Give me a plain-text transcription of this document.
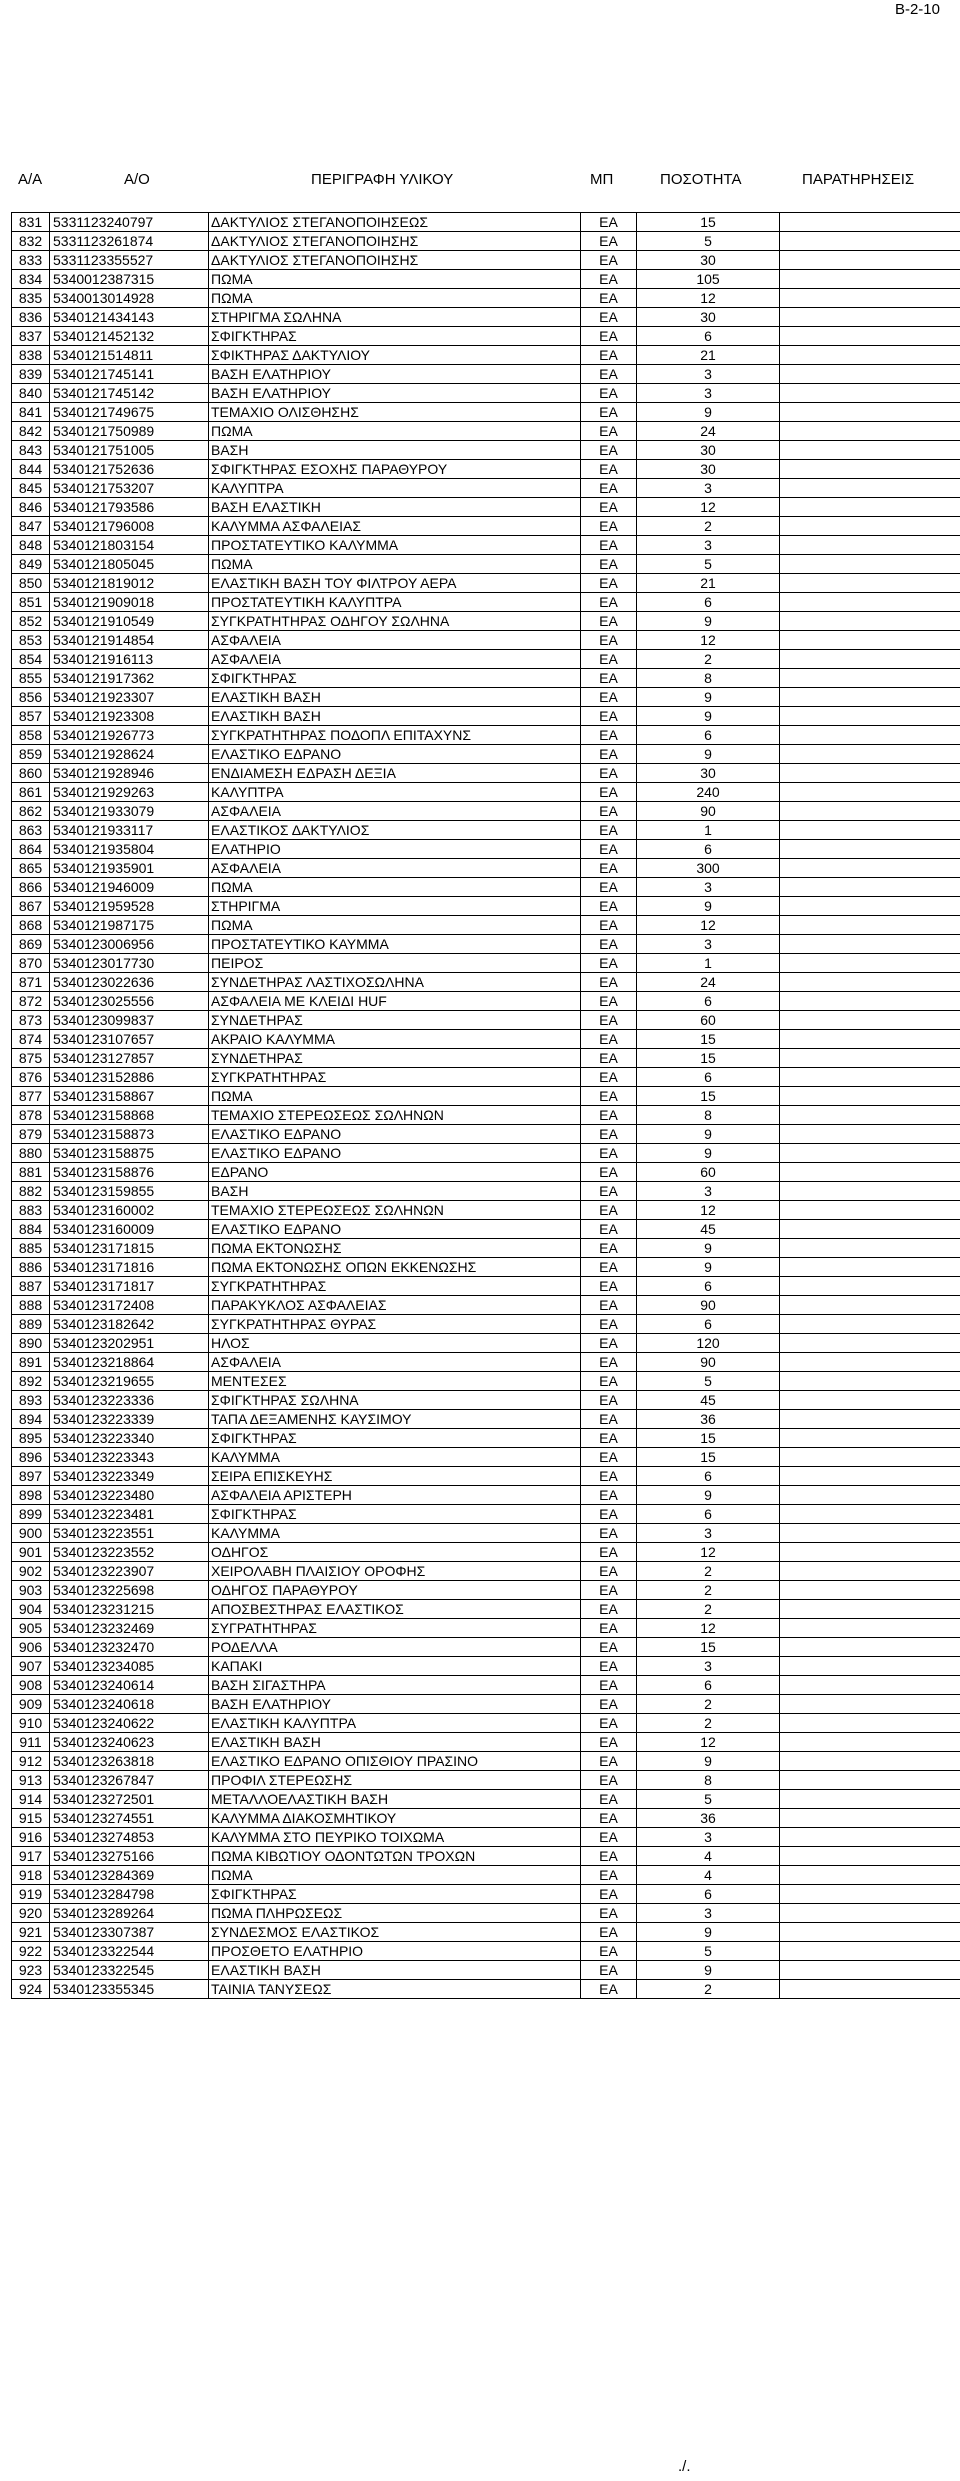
Β-2-10
Α/Α	Α/Ο	ΠΕΡΙΓΡΑΦΗ ΥΛΙΚΟΥ	ΜΠ	ΠΟΣΟΤΗΤΑ	ΠΑΡΑΤΗΡΗΣΕΙΣ
831	5331123240797	ΔΑΚΤΥΛΙΟΣ ΣΤΕΓΑΝΟΠΟΙΗΣΕΩΣ	ΕΑ	15	
832	5331123261874	ΔΑΚΤΥΛΙΟΣ ΣΤΕΓΑΝΟΠΟΙΗΣΗΣ	ΕΑ	5	
833	5331123355527	ΔΑΚΤΥΛΙΟΣ ΣΤΕΓΑΝΟΠΟΙΗΣΗΣ	ΕΑ	30	
834	5340012387315	ΠΩΜΑ	ΕΑ	105	
835	5340013014928	ΠΩΜΑ	ΕΑ	12	
836	5340121434143	ΣΤΗΡΙΓΜΑ ΣΩΛΗΝΑ	ΕΑ	30	
837	5340121452132	ΣΦΙΓΚΤΗΡΑΣ	ΕΑ	6	
838	5340121514811	ΣΦΙΚΤΗΡΑΣ ΔΑΚΤΥΛΙΟΥ	ΕΑ	21	
839	5340121745141	ΒΑΣΗ ΕΛΑΤΗΡΙΟΥ	ΕΑ	3	
840	5340121745142	ΒΑΣΗ ΕΛΑΤΗΡΙΟΥ	ΕΑ	3	
841	5340121749675	ΤΕΜΑΧΙΟ ΟΛΙΣΘΗΣΗΣ	ΕΑ	9	
842	5340121750989	ΠΩΜΑ	ΕΑ	24	
843	5340121751005	ΒΑΣΗ	ΕΑ	30	
844	5340121752636	ΣΦΙΓΚΤΗΡΑΣ ΕΣΟΧΗΣ ΠΑΡΑΘΥΡΟΥ	ΕΑ	30	
845	5340121753207	ΚΑΛΥΠΤΡΑ	ΕΑ	3	
846	5340121793586	ΒΑΣΗ ΕΛΑΣΤΙΚΗ	ΕΑ	12	
847	5340121796008	ΚΑΛΥΜΜΑ ΑΣΦΑΛΕΙΑΣ	ΕΑ	2	
848	5340121803154	ΠΡΟΣΤΑΤΕΥΤΙΚΟ ΚΑΛΥΜΜΑ	ΕΑ	3	
849	5340121805045	ΠΩΜΑ	ΕΑ	5	
850	5340121819012	ΕΛΑΣΤΙΚΗ ΒΑΣΗ ΤΟΥ ΦΙΛΤΡΟΥ ΑΕΡΑ	ΕΑ	21	
851	5340121909018	ΠΡΟΣΤΑΤΕΥΤΙΚΗ ΚΑΛΥΠΤΡΑ	ΕΑ	6	
852	5340121910549	ΣΥΓΚΡΑΤΗΤΗΡΑΣ ΟΔΗΓΟΥ ΣΩΛΗΝΑ	ΕΑ	9	
853	5340121914854	ΑΣΦΑΛΕΙΑ	ΕΑ	12	
854	5340121916113	ΑΣΦΑΛΕΙΑ	ΕΑ	2	
855	5340121917362	ΣΦΙΓΚΤΗΡΑΣ	ΕΑ	8	
856	5340121923307	ΕΛΑΣΤΙΚΗ ΒΑΣΗ	ΕΑ	9	
857	5340121923308	ΕΛΑΣΤΙΚΗ ΒΑΣΗ	ΕΑ	9	
858	5340121926773	ΣΥΓΚΡΑΤΗΤΗΡΑΣ ΠΟΔΟΠΛ ΕΠΙΤΑΧΥΝΣ	ΕΑ	6	
859	5340121928624	ΕΛΑΣΤΙΚΟ ΕΔΡΑΝΟ	ΕΑ	9	
860	5340121928946	ΕΝΔΙΑΜΕΣΗ ΕΔΡΑΣΗ ΔΕΞΙΑ	ΕΑ	30	
861	5340121929263	ΚΑΛΥΠΤΡΑ	ΕΑ	240	
862	5340121933079	ΑΣΦΑΛΕΙΑ	ΕΑ	90	
863	5340121933117	ΕΛΑΣΤΙΚΟΣ ΔΑΚΤΥΛΙΟΣ	ΕΑ	1	
864	5340121935804	ΕΛΑΤΗΡΙΟ	ΕΑ	6	
865	5340121935901	ΑΣΦΑΛΕΙΑ	ΕΑ	300	
866	5340121946009	ΠΩΜΑ	ΕΑ	3	
867	5340121959528	ΣΤΗΡΙΓΜΑ	ΕΑ	9	
868	5340121987175	ΠΩΜΑ	ΕΑ	12	
869	5340123006956	ΠΡΟΣΤΑΤΕΥΤΙΚΟ ΚΑΥΜΜΑ	ΕΑ	3	
870	5340123017730	ΠΕΙΡΟΣ	ΕΑ	1	
871	5340123022636	ΣΥΝΔΕΤΗΡΑΣ ΛΑΣΤΙΧΟΣΩΛΗΝΑ	ΕΑ	24	
872	5340123025556	ΑΣΦΑΛΕΙΑ ΜΕ ΚΛΕΙΔΙ HUF	ΕΑ	6	
873	5340123099837	ΣΥΝΔΕΤΗΡΑΣ	ΕΑ	60	
874	5340123107657	ΑΚΡΑΙΟ ΚΑΛΥΜΜΑ	ΕΑ	15	
875	5340123127857	ΣΥΝΔΕΤΗΡΑΣ	ΕΑ	15	
876	5340123152886	ΣΥΓΚΡΑΤΗΤΗΡΑΣ	ΕΑ	6	
877	5340123158867	ΠΩΜΑ	ΕΑ	15	
878	5340123158868	ΤΕΜΑΧΙΟ ΣΤΕΡΕΩΣΕΩΣ ΣΩΛΗΝΩΝ	ΕΑ	8	
879	5340123158873	ΕΛΑΣΤΙΚΟ ΕΔΡΑΝΟ	ΕΑ	9	
880	5340123158875	ΕΛΑΣΤΙΚΟ ΕΔΡΑΝΟ	ΕΑ	9	
881	5340123158876	ΕΔΡΑΝΟ	ΕΑ	60	
882	5340123159855	ΒΑΣΗ	ΕΑ	3	
883	5340123160002	ΤΕΜΑΧΙΟ ΣΤΕΡΕΩΣΕΩΣ ΣΩΛΗΝΩΝ	ΕΑ	12	
884	5340123160009	ΕΛΑΣΤΙΚΟ ΕΔΡΑΝΟ	ΕΑ	45	
885	5340123171815	ΠΩΜΑ ΕΚΤΟΝΩΣΗΣ	ΕΑ	9	
886	5340123171816	ΠΩΜΑ ΕΚΤΟΝΩΣΗΣ ΟΠΩΝ ΕΚΚΕΝΩΣΗΣ	ΕΑ	9	
887	5340123171817	ΣΥΓΚΡΑΤΗΤΗΡΑΣ	ΕΑ	6	
888	5340123172408	ΠΑΡΑΚΥΚΛΟΣ ΑΣΦΑΛΕΙΑΣ	ΕΑ	90	
889	5340123182642	ΣΥΓΚΡΑΤΗΤΗΡΑΣ ΘΥΡΑΣ	ΕΑ	6	
890	5340123202951	ΗΛΟΣ	ΕΑ	120	
891	5340123218864	ΑΣΦΑΛΕΙΑ	ΕΑ	90	
892	5340123219655	ΜΕΝΤΕΣΕΣ	ΕΑ	5	
893	5340123223336	ΣΦΙΓΚΤΗΡΑΣ ΣΩΛΗΝΑ	ΕΑ	45	
894	5340123223339	ΤΑΠΑ ΔΕΞΑΜΕΝΗΣ ΚΑΥΣΙΜΟΥ	ΕΑ	36	
895	5340123223340	ΣΦΙΓΚΤΗΡΑΣ	ΕΑ	15	
896	5340123223343	ΚΑΛΥΜΜΑ	ΕΑ	15	
897	5340123223349	ΣΕΙΡΑ ΕΠΙΣΚΕΥΗΣ	ΕΑ	6	
898	5340123223480	ΑΣΦΑΛΕΙΑ ΑΡΙΣΤΕΡΗ	ΕΑ	9	
899	5340123223481	ΣΦΙΓΚΤΗΡΑΣ	ΕΑ	6	
900	5340123223551	ΚΑΛΥΜΜΑ	ΕΑ	3	
901	5340123223552	ΟΔΗΓΟΣ	ΕΑ	12	
902	5340123223907	ΧΕΙΡΟΛΑΒΗ ΠΛΑΙΣΙΟΥ ΟΡΟΦΗΣ	ΕΑ	2	
903	5340123225698	ΟΔΗΓΟΣ ΠΑΡΑΘΥΡΟΥ	ΕΑ	2	
904	5340123231215	ΑΠΟΣΒΕΣΤΗΡΑΣ ΕΛΑΣΤΙΚΟΣ	ΕΑ	2	
905	5340123232469	ΣΥΓΡΑΤΗΤΗΡΑΣ	ΕΑ	12	
906	5340123232470	ΡΟΔΕΛΛΑ	ΕΑ	15	
907	5340123234085	ΚΑΠΑΚΙ	ΕΑ	3	
908	5340123240614	ΒΑΣΗ ΣΙΓΑΣΤΗΡΑ	ΕΑ	6	
909	5340123240618	ΒΑΣΗ ΕΛΑΤΗΡΙΟΥ	ΕΑ	2	
910	5340123240622	ΕΛΑΣΤΙΚΗ ΚΑΛΥΠΤΡΑ	ΕΑ	2	
911	5340123240623	ΕΛΑΣΤΙΚΗ ΒΑΣΗ	ΕΑ	12	
912	5340123263818	ΕΛΑΣΤΙΚΟ ΕΔΡΑΝΟ ΟΠΙΣΘΙΟΥ ΠΡΑΣΙΝΟ	ΕΑ	9	
913	5340123267847	ΠΡΟΦΙΛ ΣΤΕΡΕΩΣΗΣ	ΕΑ	8	
914	5340123272501	ΜΕΤΑΛΛΟΕΛΑΣΤΙΚΗ ΒΑΣΗ	ΕΑ	5	
915	5340123274551	ΚΑΛΥΜΜΑ ΔΙΑΚΟΣΜΗΤΙΚΟΥ	ΕΑ	36	
916	5340123274853	ΚΑΛΥΜΜΑ ΣΤΟ ΠΕΥΡΙΚΟ ΤΟΙΧΩΜΑ	ΕΑ	3	
917	5340123275166	ΠΩΜΑ ΚΙΒΩΤΙΟΥ ΟΔΟΝΤΩΤΩΝ ΤΡΟΧΩΝ	ΕΑ	4	
918	5340123284369	ΠΩΜΑ	ΕΑ	4	
919	5340123284798	ΣΦΙΓΚΤΗΡΑΣ	ΕΑ	6	
920	5340123289264	ΠΩΜΑ ΠΛΗΡΩΣΕΩΣ	ΕΑ	3	
921	5340123307387	ΣΥΝΔΕΣΜΟΣ ΕΛΑΣΤΙΚΟΣ	ΕΑ	9	
922	5340123322544	ΠΡΟΣΘΕΤΟ ΕΛΑΤΗΡΙΟ	ΕΑ	5	
923	5340123322545	ΕΛΑΣΤΙΚΗ ΒΑΣΗ	ΕΑ	9	
924	5340123355345	ΤΑΙΝΙΑ ΤΑΝΥΣΕΩΣ	ΕΑ	2	
./.
